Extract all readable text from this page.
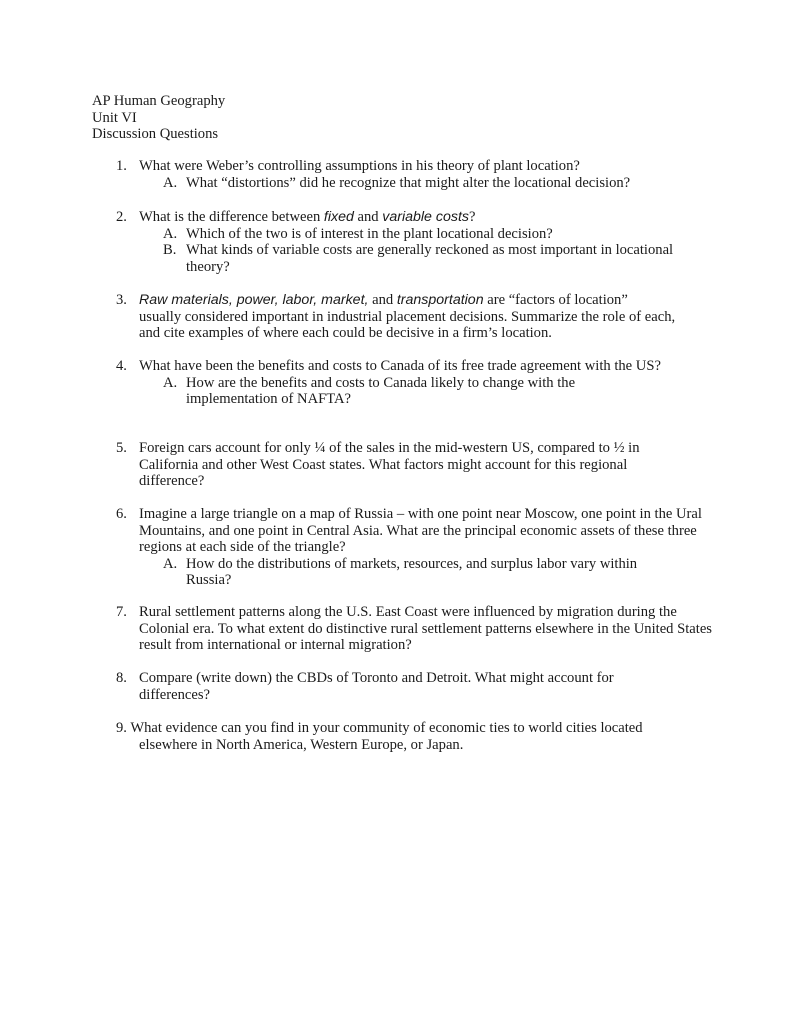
AP Human Geography
Unit VI
Discussion Questions
1. What were Weber’s controlling assumptions in his theory of plant location?
A. What “distortions” did he recognize that might alter the locational decision?
2. What is the difference between fixed and variable costs?
A. Which of the two is of interest in the plant locational decision?
B. What kinds of variable costs are generally reckoned as most important in locational theory?
3. Raw materials, power, labor, market, and transportation are “factors of location”
usually considered important in industrial placement decisions. Summarize the role of each, and cite examples of where each could be decisive in a firm’s location.
4. What have been the benefits and costs to Canada of its free trade agreement with the US?
A. How are the benefits and costs to Canada likely to change with the implementation of NAFTA?
5. Foreign cars account for only ¼ of the sales in the mid-western US, compared to ½ in California and other West Coast states. What factors might account for this regional difference?
6. Imagine a large triangle on a map of Russia – with one point near Moscow, one point in the Ural Mountains, and one point in Central Asia. What are the principal economic assets of these three regions at each side of the triangle?
A. How do the distributions of markets, resources, and surplus labor vary within Russia?
7. Rural settlement patterns along the U.S. East Coast were influenced by migration during the Colonial era. To what extent do distinctive rural settlement patterns elsewhere in the United States result from international or internal migration?
8. Compare (write down) the CBDs of Toronto and Detroit. What might account for differences?
9. What evidence can you find in your community of economic ties to world cities located
elsewhere in North America, Western Europe, or Japan.
